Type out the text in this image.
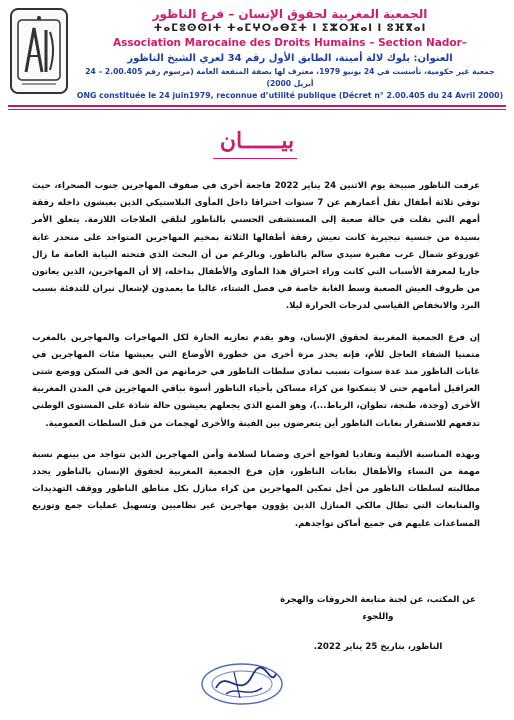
الجمعية المغربية لحقوق الإنسان – فرع الناظور
ⵜⴰⵎⵓⵙⵙⵏⵜ ⵜⴰⵎⵖⵔⴰⴱⵉⵜ ⵏ ⵉⵣⵔⴼⴰⵏ ⵏ ⵓⴼⴳⴰⵏ
Association Marocaine des Droits Humains – Section Nador–
العنوان: بلوك لالة أمينة، الطابق الأول رقم 34 لعري الشيخ الناظور
جمعية غير حكومية، تأسست في 24 يونيو 1979، معترف لها بصفة المنفعة العامة (مرسوم رقم 2.00.405 – 24 أبريل 2000)
ONG constituée le 24 juin1979, reconnue d’utilité publique (Décret n° 2.00.405 du 24 Avril 2000)
بيــــــان

عرفت الناظور صبيحة يوم الاثنين 24 يناير 2022 فاجعة أخرى في صفوف المهاجرين جنوب الصحراء، حيث توفي ثلاثة أطفال تقل أعمارهم عن 7 سنوات احتراقا داخل المأوى البلاستيكي الذين يعيشون داخله رفقة أمهم التي نقلت في حالة صعبة إلى المستشفى الحسني بالناظور لتلقي العلاجات اللازمة. يتعلق الأمر بسيدة من جنسية نيجيرية كانت تعيش رفقة أطفالها الثلاثة بمخيم المهاجرين المتواجد على منحدر غابة غوروغو شمال غرب مقبرة سيدي سالم بالناظور. وبالرغم من أن البحث الذي فتحته النيابة العامة ما زال جاريا لمعرفة الأسباب التي كانت وراء احتراق هذا المأوى والأطفال بداخله، إلا أن المهاجرين، الذين يعانون من ظروف العيش الصعبة وسط الغابة خاصة في فصل الشتاء، غالبا ما يعمدون لإشعال نيران للتدفئة بسبب البرد والانخفاض القياسي لدرجات الحرارة ليلا.

إن فرع الجمعية المغربية لحقوق الإنسان، وهو يقدم تعازيه الحارة لكل المهاجرات والمهاجرين بالمغرب متمنيا الشفاء العاجل للأم، فإنه يحذر مرة أخرى من خطورة الأوضاع التي يعيشها مئات المهاجرين في غابات الناظور منذ عدة سنوات بسبب تمادي سلطات الناظور في حرمانهم من الحق في السكن ووضع شتى العراقيل أمامهم حتى لا يتمكنوا من كراء مساكن بأحياء الناظور أسوة بباقي المهاجرين في المدن المغربية الأخرى (وجدة، طنجة، تطوان، الرباط...)، وهو المنع الذي يجعلهم يعيشون حالة شاذة على المستوى الوطني تدفعهم للاستقرار بغابات الناظور أين يتعرضون بين الفينة والأخرى لهجمات من قبل السلطات العمومية.

وبهذه المناسبة الأليمة وتفاديا لفواجع أخرى وضمانا لسلامة وأمن المهاجرين الذين تتواجد من بينهم نسبة مهمة من النساء والأطفال بغابات الناظور، فإن فرع الجمعية المغربية لحقوق الإنسان بالناظور يجدد مطالبته لسلطات الناظور من أجل تمكين المهاجرين من كراء منازل بكل مناطق الناظور ووقف التهديدات والمتابعات التي تطال مالكي المنازل الذين يؤوون مهاجرين غير نظاميين وتسهيل عمليات جمع وتوزيع المساعدات عليهم في جميع أماكن تواجدهم.

عن المكتب، عن لجنة متابعة الخروقات والهجرة واللجوء

الناظور، بتاريخ 25 يناير 2022.
